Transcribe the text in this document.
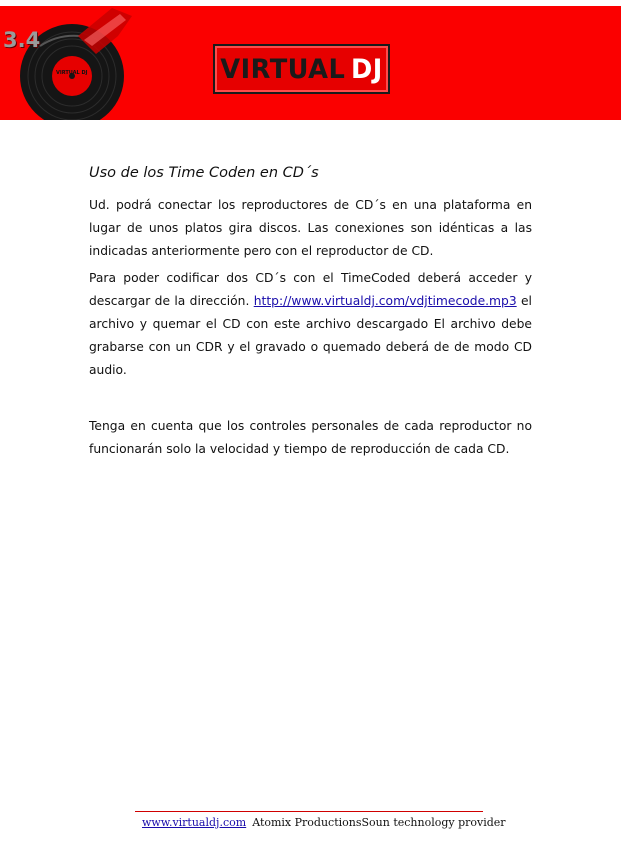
3.4
VIRTUAL DJ	VIRTUAL DJ
Uso de los Time Coden en CD´s

Ud. podrá conectar los reproductores de CD´s en una plataforma en lugar de unos platos gira discos. Las conexiones son idénticas a las indicadas anteriormente pero con el reproductor de CD.

Para poder codificar dos CD´s con el TimeCoded deberá acceder y descargar de la dirección. http://www.virtualdj.com/vdjtimecode.mp3 el archivo y quemar el CD con este archivo descargado El archivo debe grabarse con un CDR y el gravado o quemado deberá de de modo CD audio.

Tenga en cuenta que los controles personales de cada reproductor no funcionarán solo la velocidad y tiempo de reproducción de cada CD.

www.virtualdj.com Atomix ProductionsSoun technology provider
